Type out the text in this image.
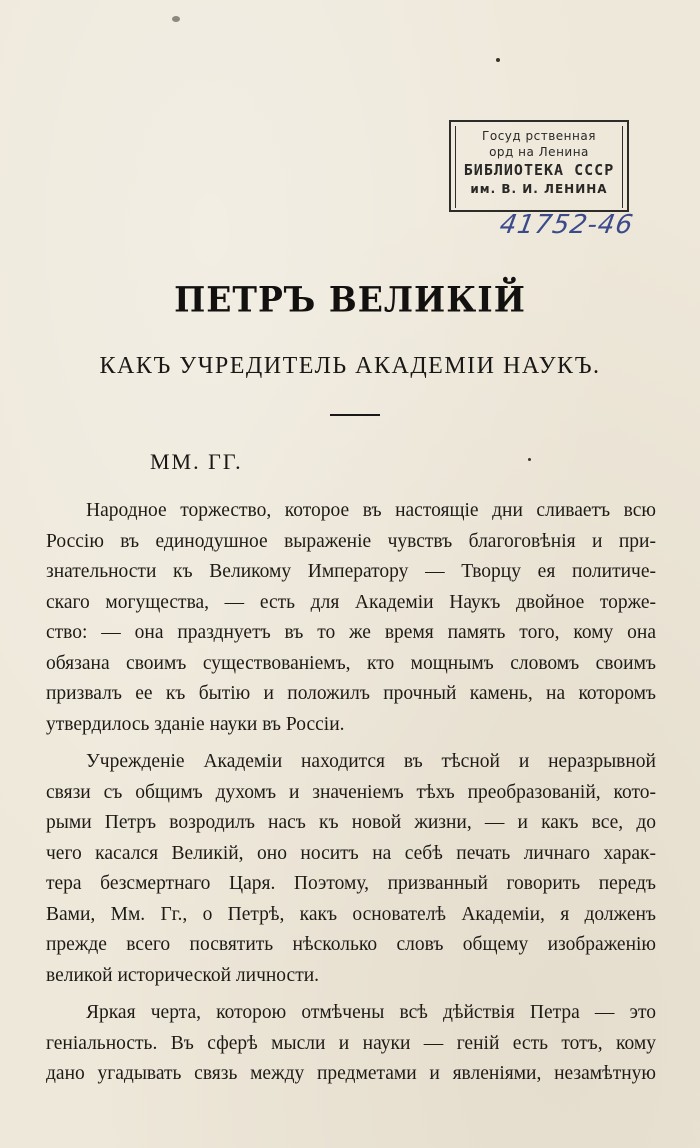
Госуд рственная
орд на Ленина
БИБЛИОТЕКА СССР
им. В. И. ЛЕНИНА
41752-46
ПЕТРЪ ВЕЛИКІЙ
КАКЪ УЧРЕДИТЕЛЬ АКАДЕМІИ НАУКЪ.
ММ. ГГ.
Народное торжество, которое въ настоящіе дни сливаетъ всю
Россію въ единодушное выраженіе чувствъ благоговѣнія и при-
знательности къ Великому Императору — Творцу ея политиче-
скаго могущества, — есть для Академіи Наукъ двойное торже-
ство: — она празднуетъ въ то же время память того, кому она
обязана своимъ существованіемъ, кто мощнымъ словомъ своимъ
призвалъ ее къ бытію и положилъ прочный камень, на которомъ
утвердилось зданіе науки въ Россіи.
Учрежденіе Академіи находится въ тѣсной и неразрывной
связи съ общимъ духомъ и значеніемъ тѣхъ преобразованій, кото-
рыми Петръ возродилъ насъ къ новой жизни, — и какъ все, до
чего касался Великій, оно носитъ на себѣ печать личнаго харак-
тера безсмертнаго Царя. Поэтому, призванный говорить передъ
Вами, Мм. Гг., о Петрѣ, какъ основателѣ Академіи, я долженъ
прежде всего посвятить нѣсколько словъ общему изображенію
великой исторической личности.
Яркая черта, которою отмѣчены всѣ дѣйствія Петра — это
геніальность. Въ сферѣ мысли и науки — геній есть тотъ, кому
дано угадывать связь между предметами и явленіями, незамѣтную
